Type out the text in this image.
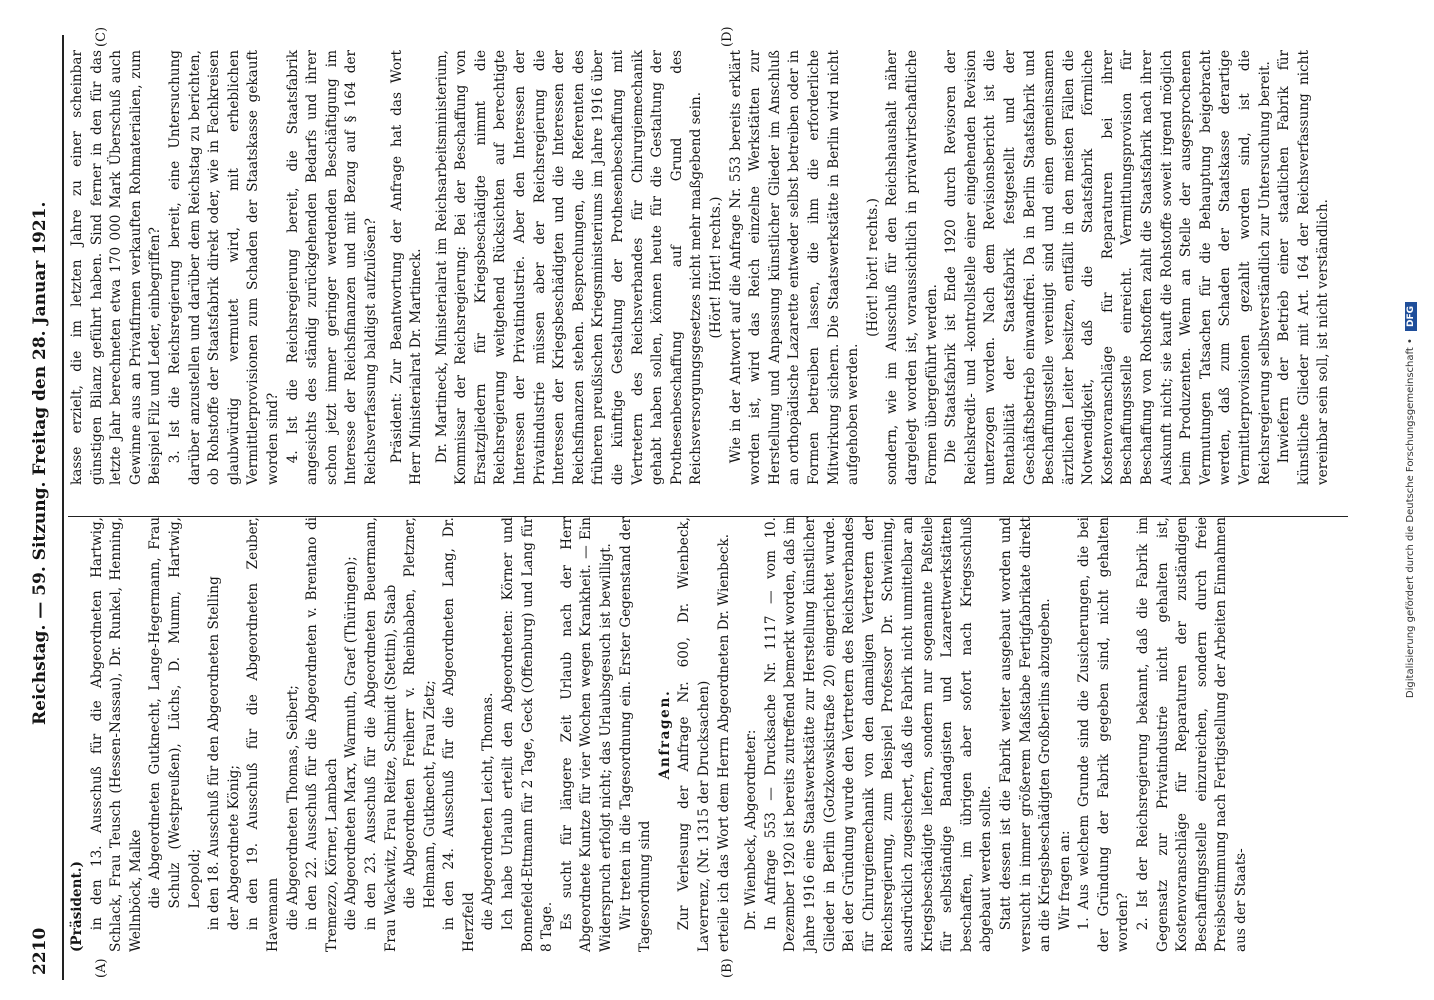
2210
Reichstag. — 59. Sitzung. Freitag den 28. Januar 1921.
(A)	(B)
(C)	(D)

(Präsident.) in den 13. Ausschuß für die Abgeordneten Hartwig, Schlack, Frau Teusch (Hessen-Nassau), Dr. Runkel, Henning, Wellnböck, Malke die Abgeordneten Gutknecht, Lange-Hegermann, Frau Schulz (Westpreußen), Lüchs, D. Mumm, Hartwig, Leopold; in den 18. Ausschuß für den Abgeordneten Stelling der Abgeordnete König; in den 19. Ausschuß für die Abgeordneten Zeuber, Havemann die Abgeordneten Thomas, Seibert; in den 22. Ausschuß für die Abgeordneten v. Brentano di Tremezzo, Körner, Lambach die Abgeordneten Marx, Warmuth, Graef (Thüringen); in den 23. Ausschuß für die Abgeordneten Beuermann, Frau Wackwitz, Frau Reitze, Schmidt (Stettin), Staab die Abgeordneten Freiherr v. Rheinbaben, Pletzner, Helmann, Gutknecht, Frau Zietz; in den 24. Ausschuß für die Abgeordneten Lang, Dr. Herzfeld die Abgeordneten Leicht, Thomas. Ich habe Urlaub erteilt den Abgeordneten: Körner und Bonnefeld-Ettmann für 2 Tage, Geck (Offenburg) und Lang für 8 Tage. Es sucht für längere Zeit Urlaub nach der Herr Abgeordnete Kuntze für vier Wochen wegen Krankheit. — Ein Widerspruch erfolgt nicht; das Urlaubsgesuch ist bewilligt. Wir treten in die Tagesordnung ein. Erster Gegenstand der Tagesordnung sind

Anfragen. Zur Verlesung der Anfrage Nr. 600, Dr. Wienbeck, Laverrenz, (Nr. 1315 der Drucksachen) erteile ich das Wort dem Herrn Abgeordneten Dr. Wienbeck. Dr. Wienbeck, Abgeordneter: In Anfrage 553 — Drucksache Nr. 1117 — vom 10. Dezember 1920 ist bereits zutreffend bemerkt worden, daß im Jahre 1916 eine Staatswerkstätte zur Herstellung künstlicher Glieder in Berlin (Gotzkowskistraße 20) eingerichtet wurde. Bei der Gründung wurde den Vertretern des Reichsverbandes für Chirurgiemechanik von den damaligen Vertretern der Reichsregierung, zum Beispiel Professor Dr. Schwiening, ausdrücklich zugesichert, daß die Fabrik nicht unmittelbar an Kriegsbeschädigte liefern, sondern nur sogenannte Paßteile für selbständige Bandagisten und Lazarettwerkstätten beschaffen, im übrigen aber sofort nach Kriegsschluß abgebaut werden sollte. Statt dessen ist die Fabrik weiter ausgebaut worden und versucht in immer größerem Maßstabe Fertigfabrikate direkt an die Kriegsbeschädigten Großberlins abzugeben. Wir fragen an: 1. Aus welchem Grunde sind die Zusicherungen, die bei der Gründung der Fabrik gegeben sind, nicht gehalten worden? 2. Ist der Reichsregierung bekannt, daß die Fabrik im Gegensatz zur Privatindustrie nicht gehalten ist, Kostenvoranschläge für Reparaturen der zuständigen Beschaffungsstelle einzureichen, sondern durch freie Preisbestimmung nach Fertigstellung der Arbeiten Einnahmen aus der Staats-

kasse erzielt, die im letzten Jahre zu einer scheinbar günstigen Bilanz geführt haben. Sind ferner in den für das letzte Jahr berechneten etwa 170 000 Mark Überschuß auch Gewinne aus an Privatfirmen verkauften Rohmaterialien, zum Beispiel Filz und Leder, einbegriffen? 3. Ist die Reichsregierung bereit, eine Untersuchung darüber anzustellen und darüber dem Reichstag zu berichten, ob Rohstoffe der Staatsfabrik direkt oder, wie in Fachkreisen glaubwürdig vermutet wird, mit erheblichen Vermittlerprovisionen zum Schaden der Staatskasse gekauft worden sind? 4. Ist die Reichsregierung bereit, die Staatsfabrik angesichts des ständig zurückgehenden Bedarfs und ihrer schon jetzt immer geringer werdenden Beschäftigung im Interesse der Reichsfinanzen und mit Bezug auf § 164 der Reichsverfassung baldigst aufzulösen? Präsident: Zur Beantwortung der Anfrage hat das Wort Herr Ministerialrat Dr. Martineck. Dr. Martineck, Ministerialrat im Reichsarbeitsministerium, Kommissar der Reichsregierung: Bei der Beschaffung von Ersatzgliedern für Kriegsbeschädigte nimmt die Reichsregierung weitgehend Rücksichten auf berechtigte Interessen der Privatindustrie. Aber den Interessen der Privatindustrie müssen aber der Reichsregierung die Interessen der Kriegsbeschädigten und die Interessen der Reichsfinanzen stehen. Besprechungen, die Referenten des früheren preußischen Kriegsministeriums im Jahre 1916 über die künftige Gestaltung der Prothesenbeschaffung mit Vertretern des Reichsverbandes für Chirurgiemechanik gehabt haben sollen, können heute für die Gestaltung der Prothesenbeschaffung auf Grund des Reichsversorgungsgesetzes nicht mehr maßgebend sein. (Hört! Hört! rechts.) Wie in der Antwort auf die Anfrage Nr. 553 bereits erklärt worden ist, wird das Reich einzelne Werkstätten zur Herstellung und Anpassung künstlicher Glieder im Anschluß an orthopädische Lazarette entweder selbst betreiben oder in Formen betreiben lassen, die ihm die erforderliche Mitwirkung sichern. Die Staatswerkstätte in Berlin wird nicht aufgehoben werden.

(Hört! hört! rechts.) sondern, wie im Ausschuß für den Reichshaushalt näher dargelegt worden ist, voraussichtlich in privatwirtschaftliche Formen übergeführt werden. Die Staatsfabrik ist Ende 1920 durch Revisoren der Reichskredit- und -kontrollstelle einer eingehenden Revision unterzogen worden. Nach dem Revisionsbericht ist die Rentabilität der Staatsfabrik festgestellt und der Geschäftsbetrieb einwandfrei. Da in Berlin Staatsfabrik und Beschaffungsstelle vereinigt sind und einen gemeinsamen ärztlichen Leiter besitzen, entfällt in den meisten Fällen die Notwendigkeit, daß die Staatsfabrik förmliche Kostenvoranschläge für Reparaturen bei ihrer Beschaffungsstelle einreicht. Vermittlungsprovision für Beschaffung von Rohstoffen zahlt die Staatsfabrik nach ihrer Auskunft nicht; sie kauft die Rohstoffe soweit irgend möglich beim Produzenten. Wenn an Stelle der ausgesprochenen Vermutungen Tatsachen für die Behauptung beigebracht werden, daß zum Schaden der Staatskasse derartige Vermittlerprovisionen gezahlt worden sind, ist die Reichsregierung selbstverständlich zur Untersuchung bereit. Inwiefern der Betrieb einer staatlichen Fabrik für künstliche Glieder mit Art. 164 der Reichsverfassung nicht vereinbar sein soll, ist nicht verständlich.	Digitalisierung gefördert durch die Deutsche Forschungsgemeinschaft • DFG
